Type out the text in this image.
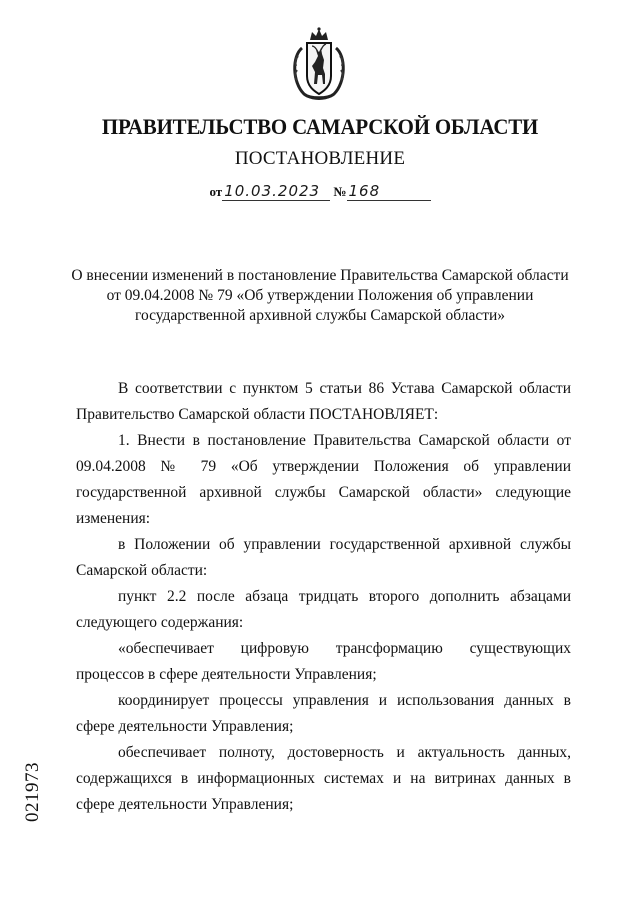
ПРАВИТЕЛЬСТВО САМАРСКОЙ ОБЛАСТИ
ПОСТАНОВЛЕНИЕ
от 10.03.2023 № 168
О внесении изменений в постановление Правительства Самарской области
от 09.04.2008 № 79 «Об утверждении Положения об управлении
государственной архивной службы Самарской области»

В соответствии с пунктом 5 статьи 86 Устава Самарской области Правительство Самарской области ПОСТАНОВЛЯЕТ:

1. Внести в постановление Правительства Самарской области от 09.04.2008 № 79 «Об утверждении Положения об управлении государственной архивной службы Самарской области» следующие изменения:

в Положении об управлении государственной архивной службы Самарской области:

пункт 2.2 после абзаца тридцать второго дополнить абзацами следующего содержания:

«обеспечивает цифровую трансформацию существующих процессов в сфере деятельности Управления;

координирует процессы управления и использования данных в сфере деятельности Управления;

обеспечивает полноту, достоверность и актуальность данных, содержащихся в информационных системах и на витринах данных в сфере деятельности Управления;

021973
